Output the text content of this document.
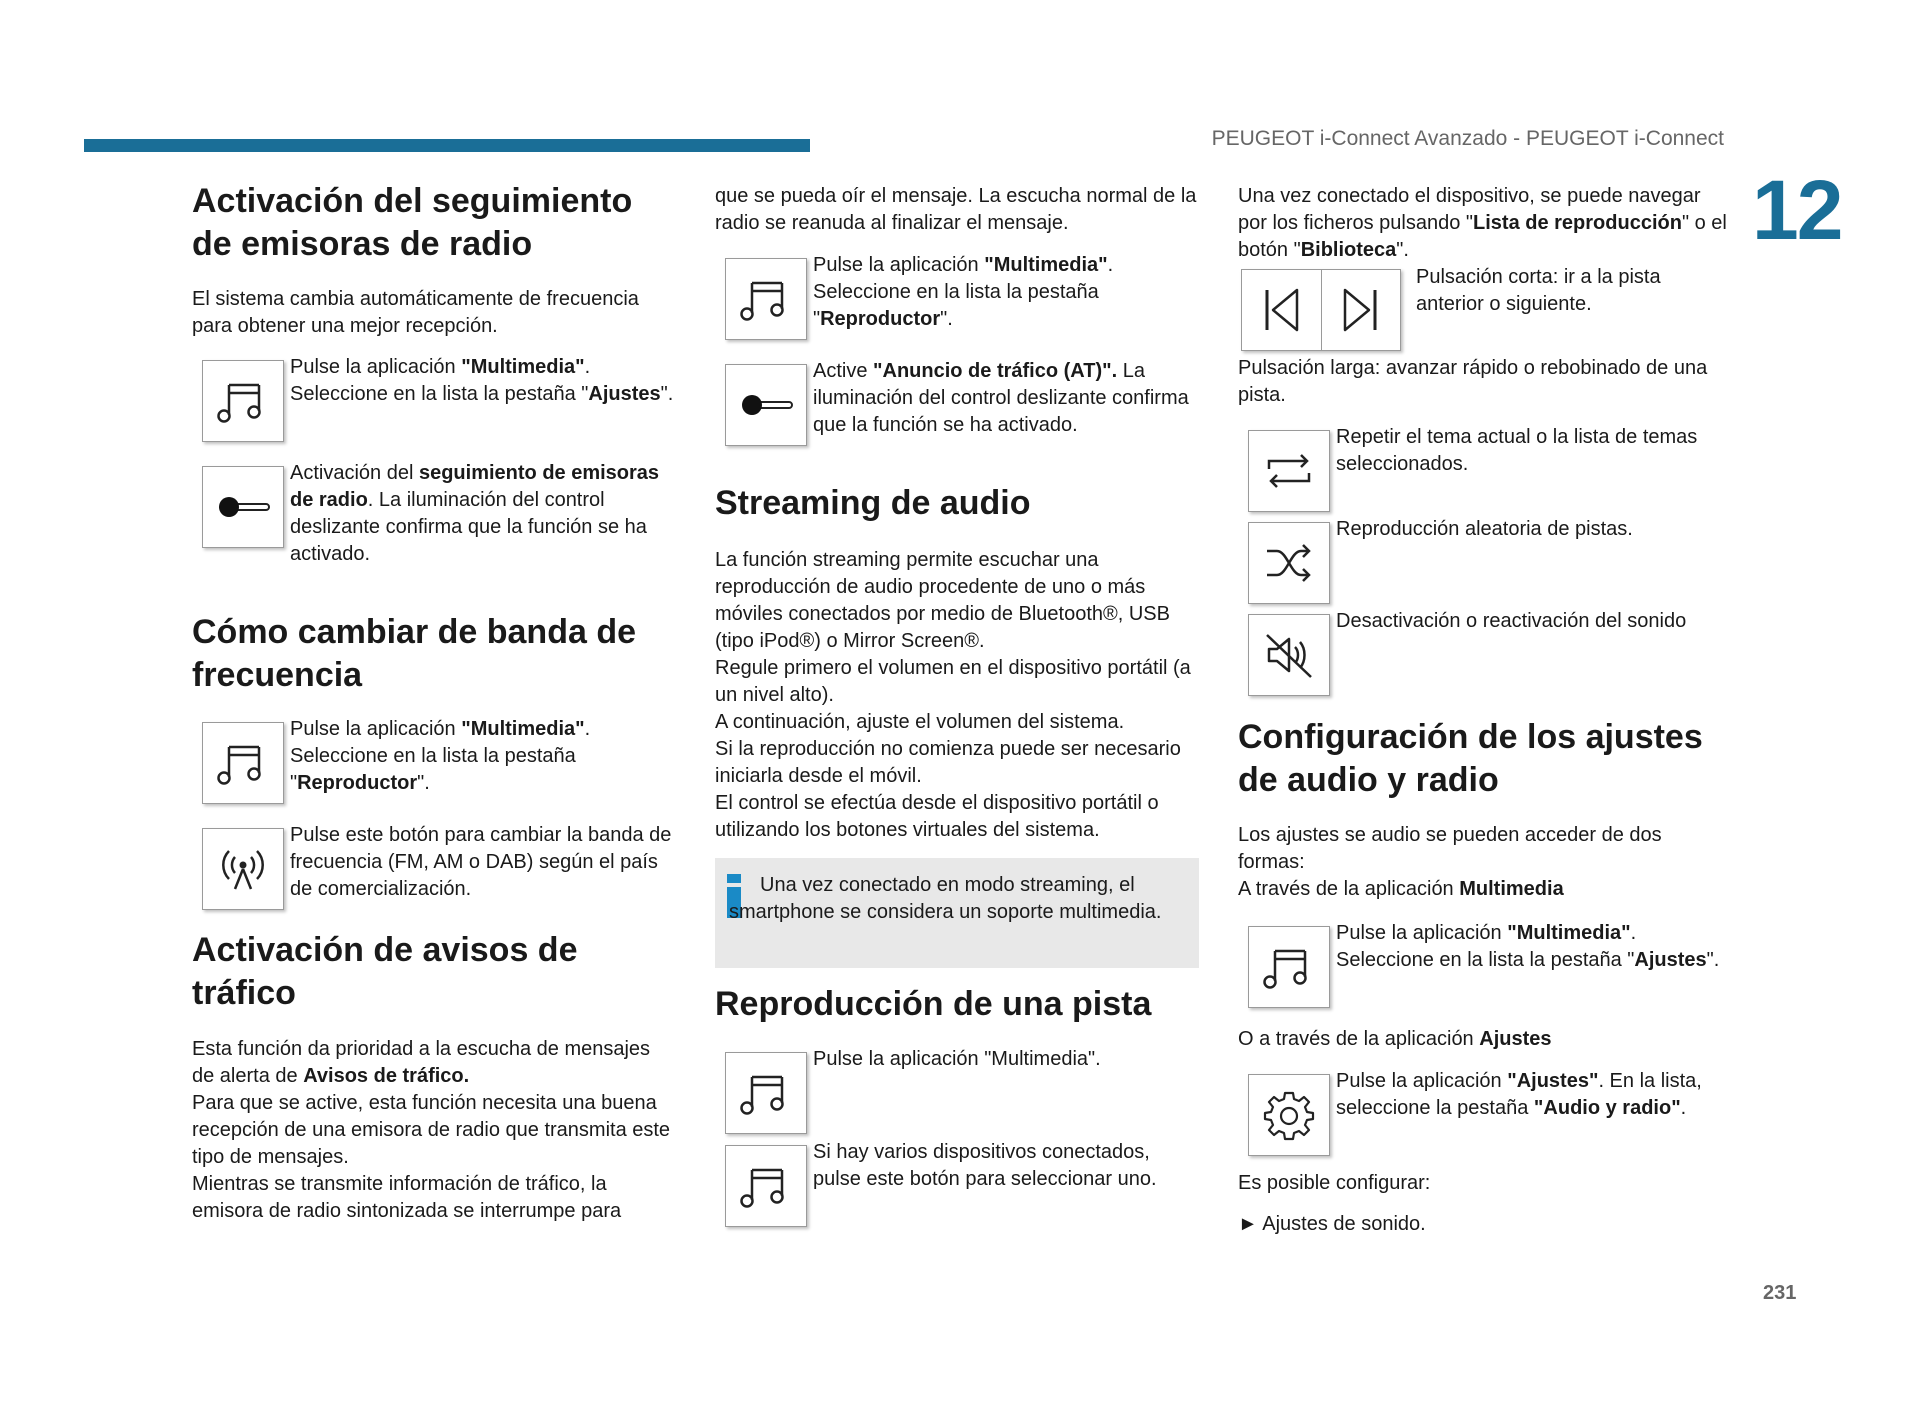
PEUGEOT i-Connect Avanzado - PEUGEOT i-Connect
12
231
Activación del seguimiento de emisoras de radio
El sistema cambia automáticamente de frecuencia para obtener una mejor recepción.
Pulse la aplicación "Multimedia". Seleccione en la lista la pestaña "Ajustes".
Activación del seguimiento de emisoras de radio. La iluminación del control deslizante confirma que la función se ha activado.
Cómo cambiar de banda de frecuencia
Pulse la aplicación "Multimedia". Seleccione en la lista la pestaña "Reproductor".
Pulse este botón para cambiar la banda de frecuencia (FM, AM o DAB) según el país de comercialización.
Activación de avisos de tráfico
Esta función da prioridad a la escucha de mensajes de alerta de Avisos de tráfico.
Para que se active, esta función necesita una buena recepción de una emisora de radio que transmita este tipo de mensajes.
Mientras se transmite información de tráfico, la emisora de radio sintonizada se interrumpe para
que se pueda oír el mensaje. La escucha normal de la radio se reanuda al finalizar el mensaje.
Pulse la aplicación "Multimedia". Seleccione en la lista la pestaña "Reproductor".
Active "Anuncio de tráfico (AT)". La iluminación del control deslizante confirma que la función se ha activado.
Streaming de audio
La función streaming permite escuchar una reproducción de audio procedente de uno o más móviles conectados por medio de Bluetooth®, USB (tipo iPod®) o Mirror Screen®.
Regule primero el volumen en el dispositivo portátil (a un nivel alto).
A continuación, ajuste el volumen del sistema.
Si la reproducción no comienza puede ser necesario iniciarla desde el móvil.
El control se efectúa desde el dispositivo portátil o utilizando los botones virtuales del sistema.
Una vez conectado en modo streaming, el smartphone se considera un soporte multimedia.
Reproducción de una pista
Pulse la aplicación "Multimedia".
Si hay varios dispositivos conectados, pulse este botón para seleccionar uno.
Una vez conectado el dispositivo, se puede navegar por los ficheros pulsando "Lista de reproducción" o el botón "Biblioteca".
Pulsación corta: ir a la pista anterior o siguiente.
Pulsación larga: avanzar rápido o rebobinado de una pista.
Repetir el tema actual o la lista de temas seleccionados.
Reproducción aleatoria de pistas.
Desactivación o reactivación del sonido
Configuración de los ajustes de audio y radio
Los ajustes se audio se pueden acceder de dos formas:
A través de la aplicación Multimedia
Pulse la aplicación "Multimedia". Seleccione en la lista la pestaña "Ajustes".
O a través de la aplicación Ajustes
Pulse la aplicación "Ajustes". En la lista, seleccione la pestaña "Audio y radio".
Es posible configurar:
► Ajustes de sonido.
